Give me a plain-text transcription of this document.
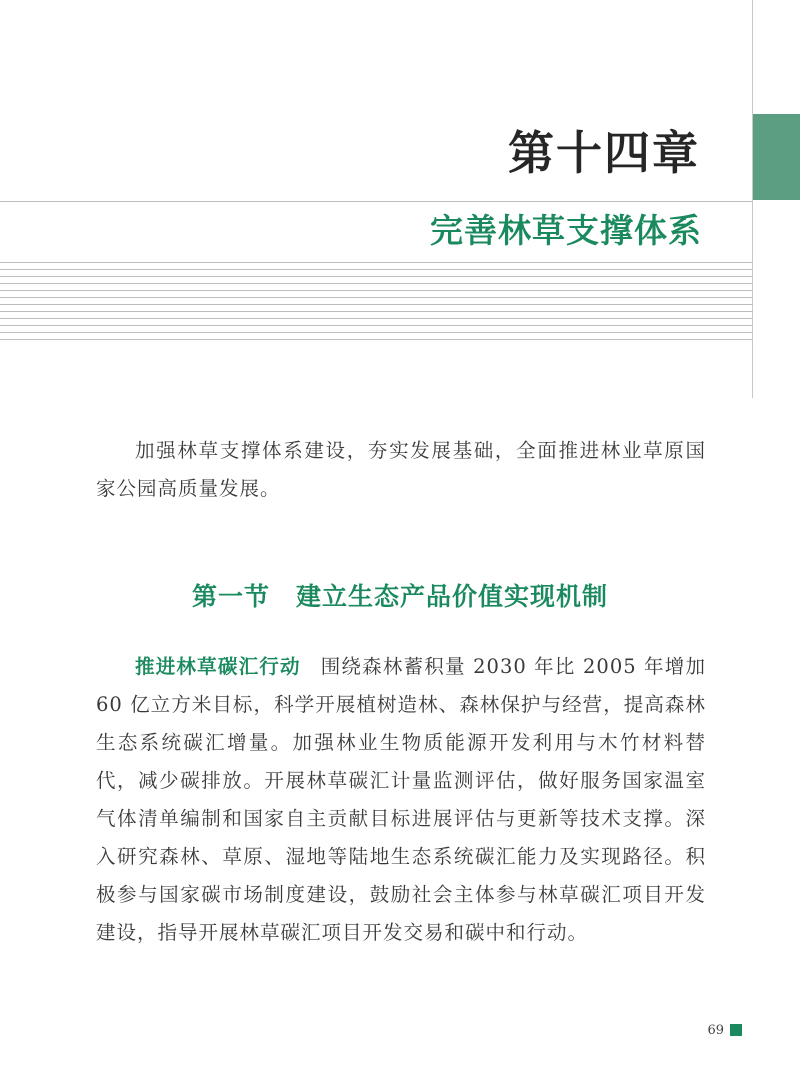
第十四章
完善林草支撑体系

加强林草支撑体系建设，夯实发展基础，全面推进林业草原国家公园高质量发展。

第一节　建立生态产品价值实现机制

推进林草碳汇行动 围绕森林蓄积量 2030 年比 2005 年增加 60 亿立方米目标，科学开展植树造林、森林保护与经营，提高森林生态系统碳汇增量。加强林业生物质能源开发利用与木竹材料替代，减少碳排放。开展林草碳汇计量监测评估，做好服务国家温室气体清单编制和国家自主贡献目标进展评估与更新等技术支撑。深入研究森林、草原、湿地等陆地生态系统碳汇能力及实现路径。积极参与国家碳市场制度建设，鼓励社会主体参与林草碳汇项目开发建设，指导开展林草碳汇项目开发交易和碳中和行动。

69
